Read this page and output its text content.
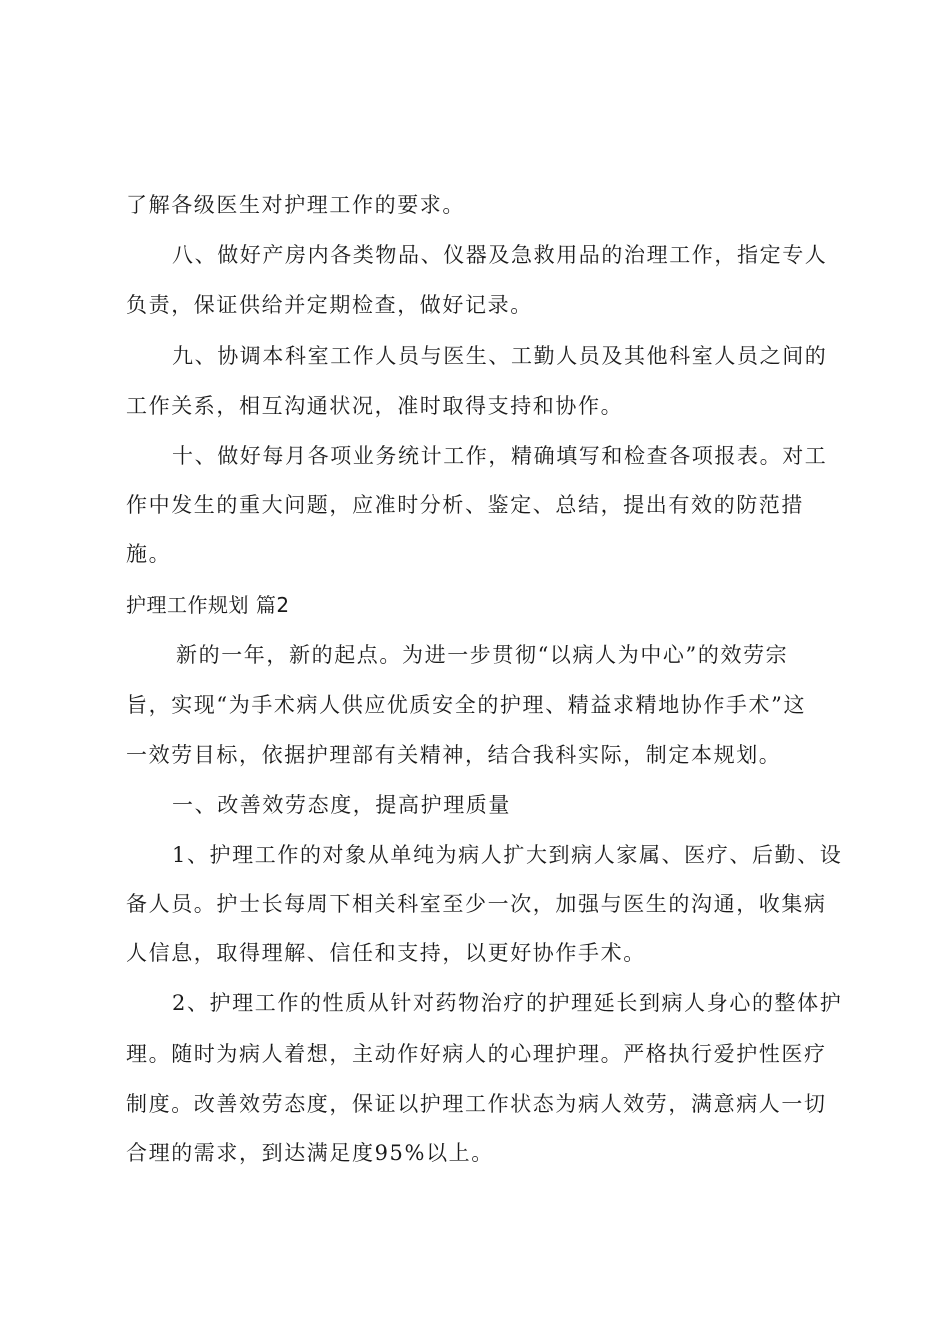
了解各级医生对护理工作的要求。
八、做好产房内各类物品、仪器及急救用品的治理工作，指定专人
负责，保证供给并定期检查，做好记录。
九、协调本科室工作人员与医生、工勤人员及其他科室人员之间的
工作关系，相互沟通状况，准时取得支持和协作。
十、做好每月各项业务统计工作，精确填写和检查各项报表。对工
作中发生的重大问题，应准时分析、鉴定、总结，提出有效的防范措
施。
护理工作规划 篇2
新的一年，新的起点。为进一步贯彻“以病人为中心”的效劳宗
旨，实现“为手术病人供应优质安全的护理、精益求精地协作手术”这
一效劳目标，依据护理部有关精神，结合我科实际，制定本规划。
一、改善效劳态度，提高护理质量
1、护理工作的对象从单纯为病人扩大到病人家属、医疗、后勤、设
备人员。护士长每周下相关科室至少一次，加强与医生的沟通，收集病
人信息，取得理解、信任和支持，以更好协作手术。
2、护理工作的性质从针对药物治疗的护理延长到病人身心的整体护
理。随时为病人着想，主动作好病人的心理护理。严格执行爱护性医疗
制度。改善效劳态度，保证以护理工作状态为病人效劳，满意病人一切
合理的需求，到达满足度95%以上。
